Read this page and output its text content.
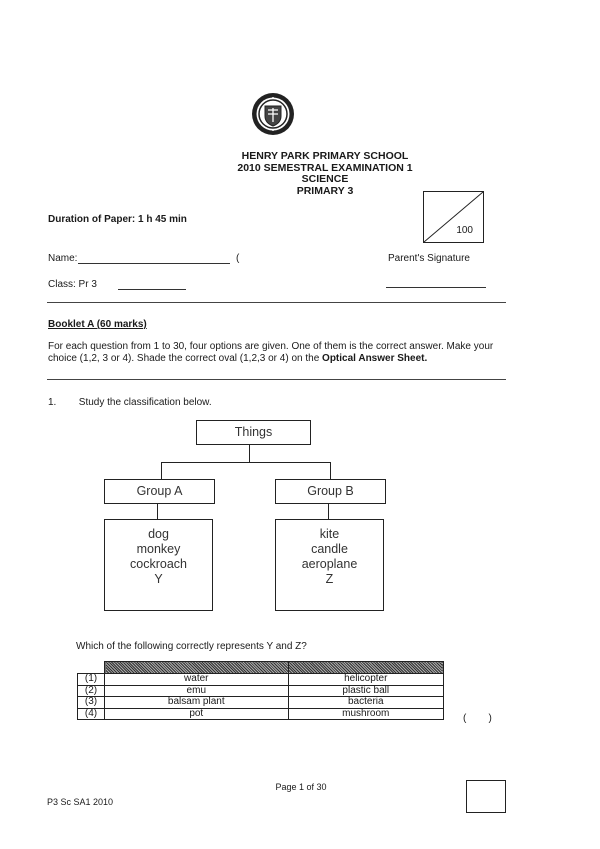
HENRY PARK PRIMARY SCHOOL
2010 SEMESTRAL EXAMINATION 1
SCIENCE
PRIMARY 3
Duration of Paper: 1 h 45 min
100
Name:	(	Parent's Signature
Class: Pr 3
Booklet A (60 marks)
For each question from 1 to 30, four options are given. One of them is the correct answer. Make your choice (1,2, 3 or 4). Shade the correct oval (1,2,3 or 4) on the Optical Answer Sheet.
1. Study the classification below.
Things
Group A	Group B
dog
monkey
cockroach
Y
kite
candle
aeroplane
Z
Which of the following correctly represents Y and Z?

(1)	water	helicopter
(2)	emu	plastic ball
(3)	balsam plant	bacteria
(4)	pot	mushroom	(        )
Page 1 of 30
P3 Sc SA1 2010
